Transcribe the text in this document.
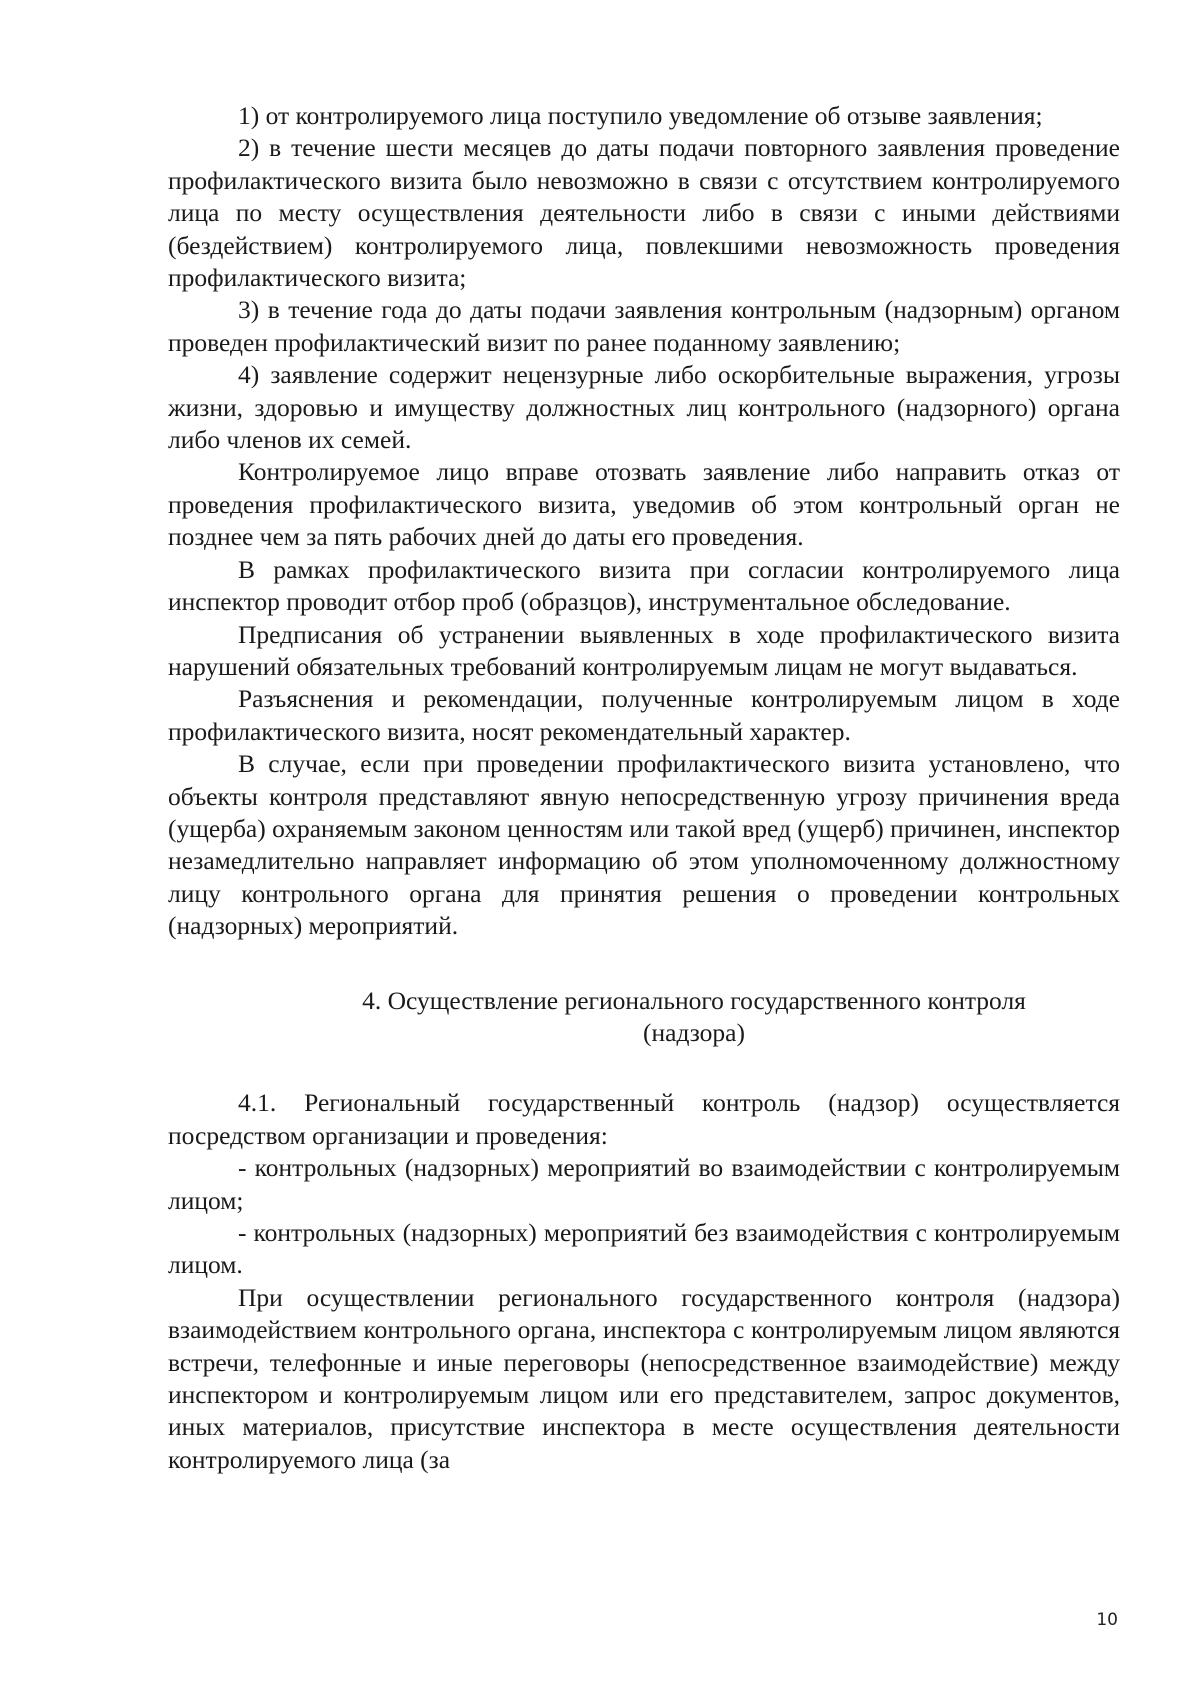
1) от контролируемого лица поступило уведомление об отзыве заявления;

2) в течение шести месяцев до даты подачи повторного заявления проведение профилактического визита было невозможно в связи с отсутствием контролируемого лица по месту осуществления деятельности либо в связи с иными действиями (бездействием) контролируемого лица, повлекшими невозможность проведения профилактического визита;

3) в течение года до даты подачи заявления контрольным (надзорным) органом проведен профилактический визит по ранее поданному заявлению;

4) заявление содержит нецензурные либо оскорбительные выражения, угрозы жизни, здоровью и имуществу должностных лиц контрольного (надзорного) органа либо членов их семей.

Контролируемое лицо вправе отозвать заявление либо направить отказ от проведения профилактического визита, уведомив об этом контрольный орган не позднее чем за пять рабочих дней до даты его проведения.

В рамках профилактического визита при согласии контролируемого лица инспектор проводит отбор проб (образцов), инструментальное обследование.

Предписания об устранении выявленных в ходе профилактического визита нарушений обязательных требований контролируемым лицам не могут выдаваться.

Разъяснения и рекомендации, полученные контролируемым лицом в ходе профилактического визита, носят рекомендательный характер.

В случае, если при проведении профилактического визита установлено, что объекты контроля представляют явную непосредственную угрозу причинения вреда (ущерба) охраняемым законом ценностям или такой вред (ущерб) причинен, инспектор незамедлительно направляет информацию об этом уполномоченному должностному лицу контрольного органа для принятия решения о проведении контрольных (надзорных) мероприятий.

4. Осуществление регионального государственного контроля
(надзора)

4.1. Региональный государственный контроль (надзор) осуществляется посредством организации и проведения:

- контрольных (надзорных) мероприятий во взаимодействии с контролируемым лицом;

- контрольных (надзорных) мероприятий без взаимодействия с контролируемым лицом.

При осуществлении регионального государственного контроля (надзора) взаимодействием контрольного органа, инспектора с контролируемым лицом являются встречи, телефонные и иные переговоры (непосредственное взаимодействие) между инспектором и контролируемым лицом или его представителем, запрос документов, иных материалов, присутствие инспектора в месте осуществления деятельности контролируемого лица (за

10
